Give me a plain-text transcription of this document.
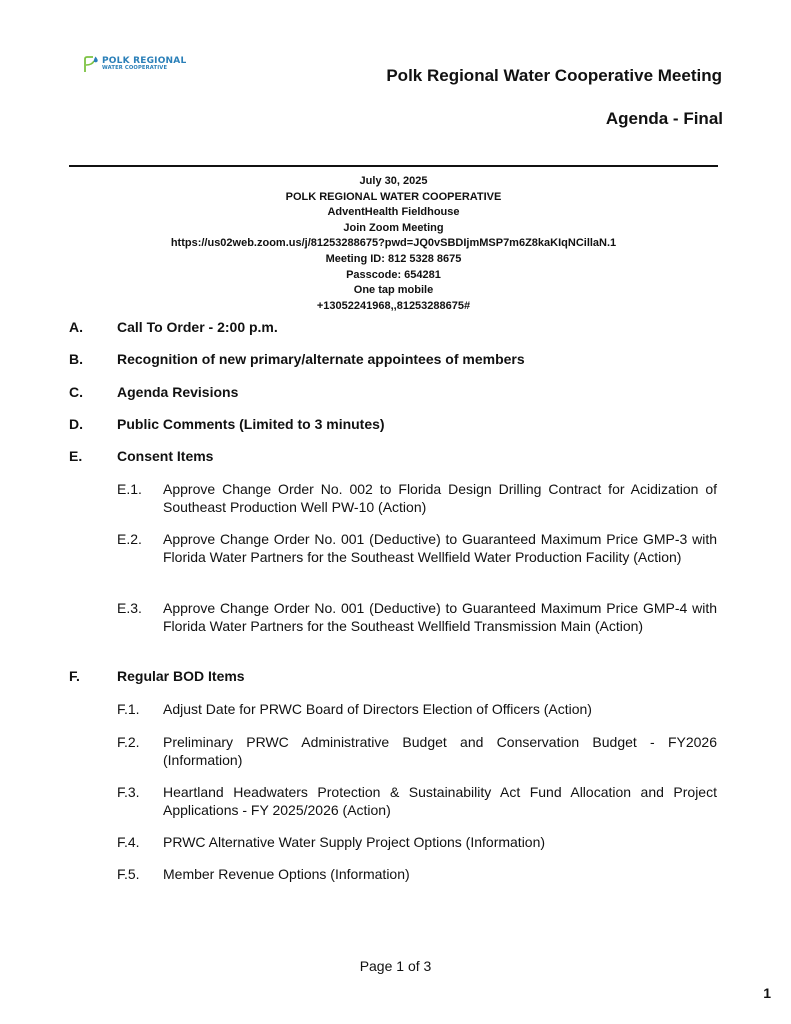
POLK REGIONAL
WATER COOPERATIVE	Polk Regional Water Cooperative Meeting
Agenda - Final
July 30, 2025
POLK REGIONAL WATER COOPERATIVE
AdventHealth Fieldhouse
Join Zoom Meeting
https://us02web.zoom.us/j/81253288675?pwd=JQ0vSBDIjmMSP7m6Z8kaKIqNCillaN.1
Meeting ID: 812 5328 8675
Passcode: 654281
One tap mobile
+13052241968,,81253288675#
A. Call To Order - 2:00 p.m.
B. Recognition of new primary/alternate appointees of members
C. Agenda Revisions
D. Public Comments (Limited to 3 minutes)
E. Consent Items
E.1. Approve Change Order No. 002 to Florida Design Drilling Contract for Acidization of Southeast Production Well PW-10 (Action)
E.2. Approve Change Order No. 001 (Deductive) to Guaranteed Maximum Price GMP-3 with Florida Water Partners for the Southeast Wellfield Water Production Facility (Action)
E.3. Approve Change Order No. 001 (Deductive) to Guaranteed Maximum Price GMP-4 with Florida Water Partners for the Southeast Wellfield Transmission Main (Action)
F.	Regular BOD Items
F.1. Adjust Date for PRWC Board of Directors Election of Officers (Action)
F.2. Preliminary PRWC Administrative Budget and Conservation Budget - FY2026 (Information)
F.3. Heartland Headwaters Protection & Sustainability Act Fund Allocation and Project Applications - FY 2025/2026 (Action)
F.4. PRWC Alternative Water Supply Project Options (Information)
F.5. Member Revenue Options (Information)
Page 1 of 3
1
